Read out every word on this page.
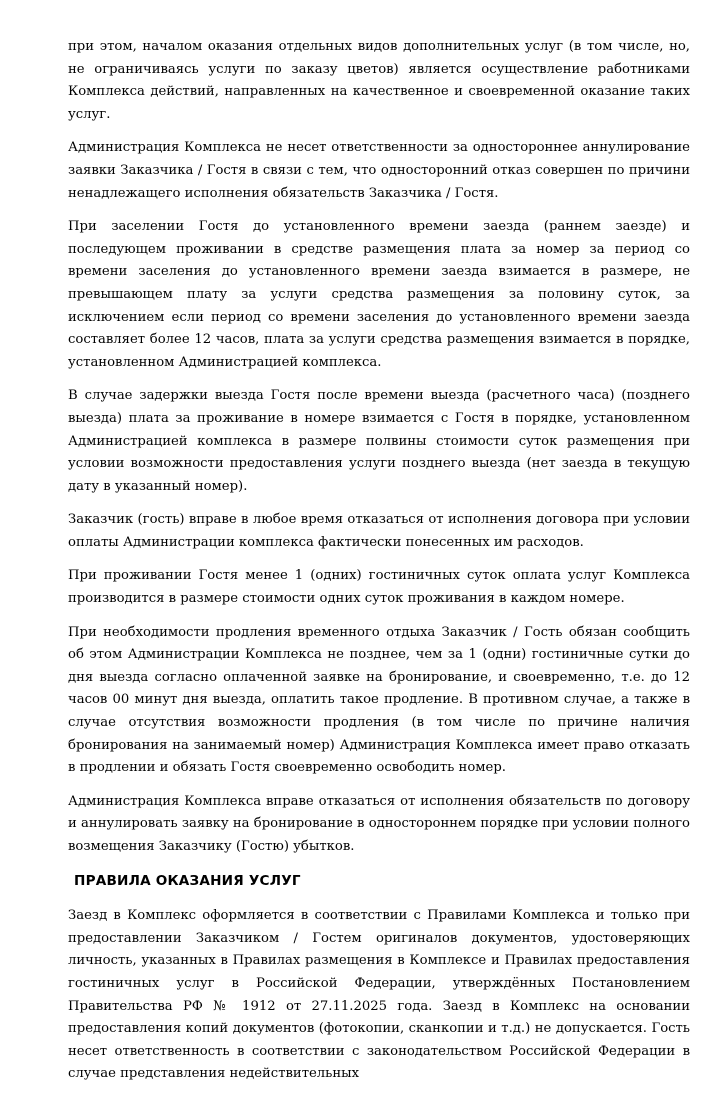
при этом, началом оказания отдельных видов дополнительных услуг (в том числе, но, не ограничиваясь услуги по заказу цветов) является осуществление работниками Комплекса действий, направленных на качественное и своевременной оказание таких услуг.

Администрация Комплекса не несет ответственности за одностороннее аннулирование заявки Заказчика / Гостя в связи с тем, что односторонний отказ совершен по причини ненадлежащего исполнения обязательств Заказчика / Гостя.

При заселении Гостя до установленного времени заезда (раннем заезде) и последующем проживании в средстве размещения плата за номер за период со времени заселения до установленного времени заезда взимается в размере, не превышающем плату за услуги средства размещения за половину суток, за исключением если период со времени заселения до установленного времени заезда составляет более 12 часов, плата за услуги средства размещения взимается в порядке, установленном Администрацией комплекса.

В случае задержки выезда Гостя после времени выезда (расчетного часа) (позднего выезда) плата за проживание в номере взимается с Гостя в порядке, установленном Администрацией комплекса в размере полвины стоимости суток размещения при условии возможности предоставления услуги позднего выезда (нет заезда в текущую дату в указанный номер).

Заказчик (гость) вправе в любое время отказаться от исполнения договора при условии оплаты Администрации комплекса фактически понесенных им расходов.

При проживании Гостя менее 1 (одних) гостиничных суток оплата услуг Комплекса производится в размере стоимости одних суток проживания в каждом номере.

При необходимости продления временного отдыха Заказчик / Гость обязан сообщить об этом Администрации Комплекса не позднее, чем за 1 (одни) гостиничные сутки до дня выезда согласно оплаченной заявке на бронирование, и своевременно, т.е. до 12 часов 00 минут дня выезда, оплатить такое продление. В противном случае, а также в случае отсутствия возможности продления (в том числе по причине наличия бронирования на занимаемый номер) Администрация Комплекса имеет право отказать в продлении и обязать Гостя своевременно освободить номер.

Администрация Комплекса вправе отказаться от исполнения обязательств по договору и аннулировать заявку на бронирование в одностороннем порядке при условии полного возмещения Заказчику (Гостю) убытков.

ПРАВИЛА ОКАЗАНИЯ УСЛУГ

Заезд в Комплекс оформляется в соответствии с Правилами Комплекса и только при предоставлении Заказчиком / Гостем оригиналов документов, удостоверяющих личность, указанных в Правилах размещения в Комплексе и Правилах предоставления гостиничных услуг в Российской Федерации, утверждённых Постановлением Правительства РФ № 1912 от 27.11.2025 года. Заезд в Комплекс на основании предоставления копий документов (фотокопии, сканкопии и т.д.) не допускается. Гость несет ответственность в соответствии с законодательством Российской Федерации в случае представления недействительных
